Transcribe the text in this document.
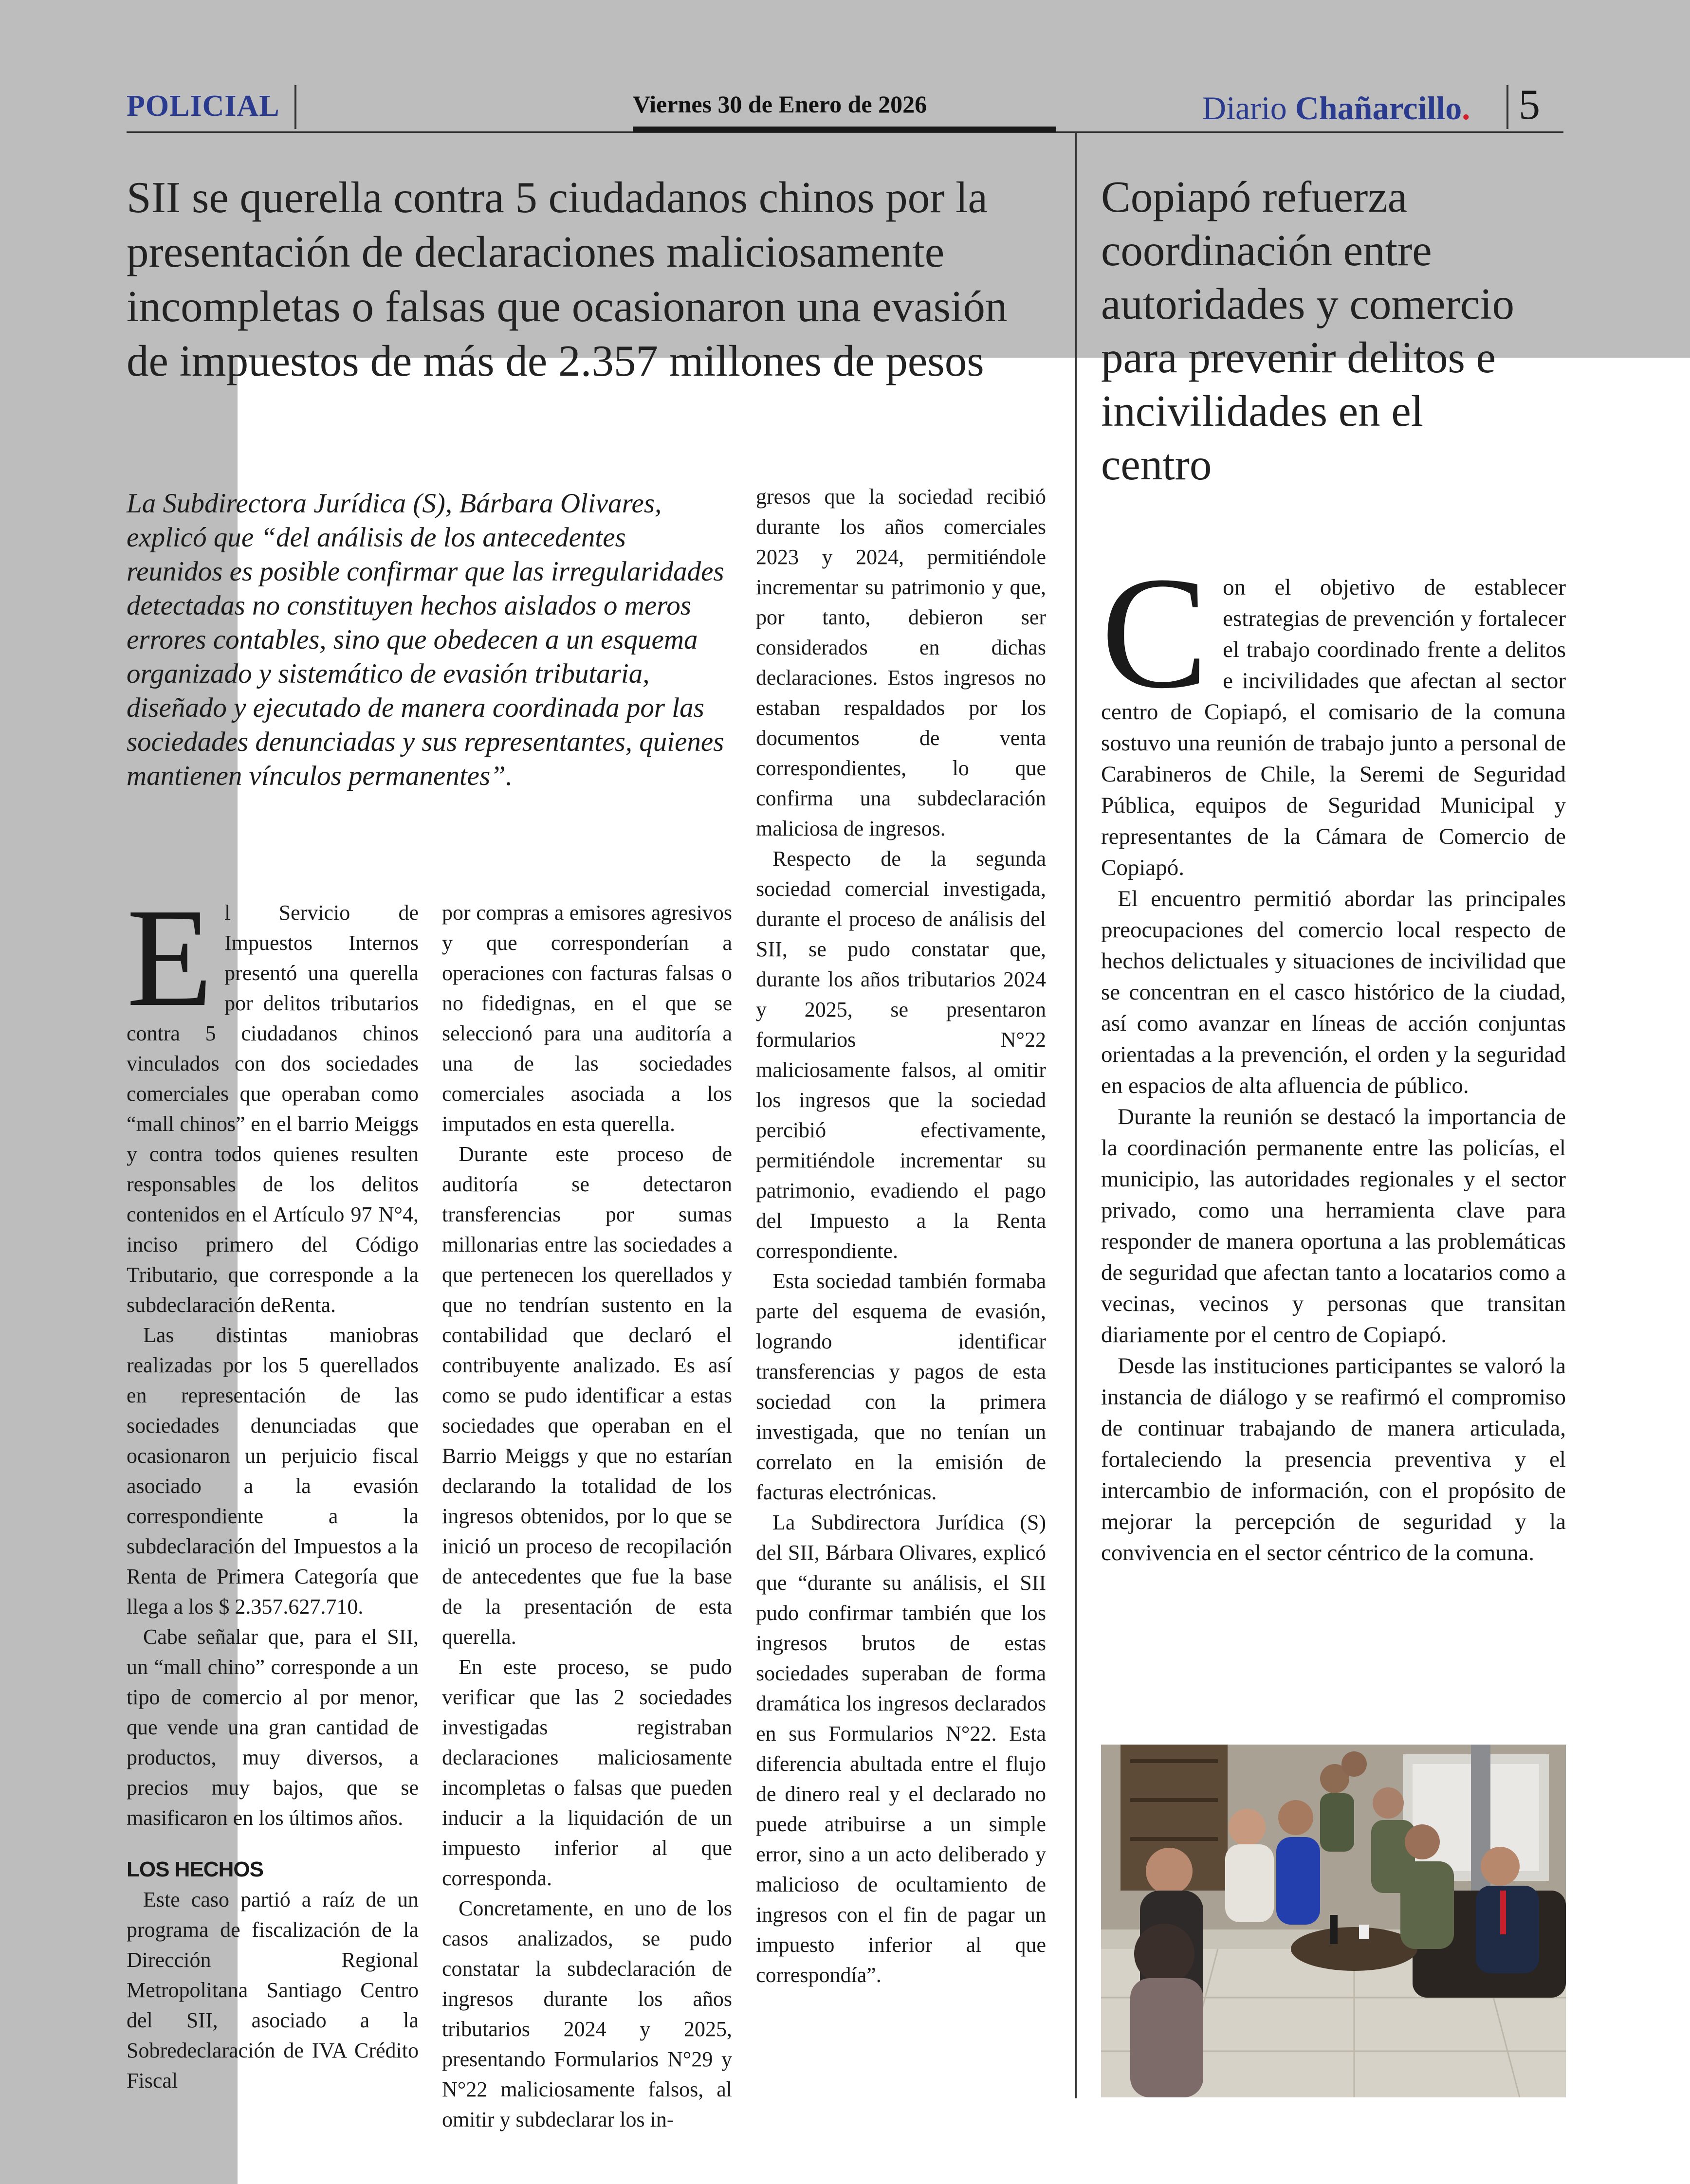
POLICIAL	Viernes 30 de Enero de 2026	Diario Chañarcillo. 5
SII se querella contra 5 ciudadanos chinos por la presentación de declaraciones maliciosamente incompletas o falsas que ocasionaron una evasión de impuestos de más de 2.357 millones de pesos

La Subdirectora Jurídica (S), Bárbara Olivares, explicó que “del análisis de los antecedentes reunidos es posible confirmar que las irregularidades detectadas no constituyen hechos aislados o meros errores contables, sino que obedecen a un esquema organizado y sistemático de evasión tributaria, diseñado y ejecutado de manera coordinada por las sociedades denunciadas y sus representantes, quienes mantienen vínculos permanentes”.

El Servicio de Impuestos Internos presentó una querella por delitos tributarios contra 5 ciudadanos chinos vinculados con dos sociedades comerciales que operaban como “mall chinos” en el barrio Meiggs y contra todos quienes resulten responsables de los delitos contenidos en el Artículo 97 N°4, inciso primero del Código Tributario, que corresponde a la subdeclaración deRenta.

Las distintas maniobras realizadas por los 5 querellados en representación de las sociedades denunciadas que ocasionaron un perjuicio fiscal asociado a la evasión correspondiente a la subdeclaración del Impuestos a la Renta de Primera Categoría que llega a los $ 2.357.627.710.

Cabe señalar que, para el SII, un “mall chino” corresponde a un tipo de comercio al por menor, que vende una gran cantidad de productos, muy diversos, a precios muy bajos, que se masificaron en los últimos años.

LOS HECHOS

Este caso partió a raíz de un programa de fiscalización de la Dirección Regional Metropolitana Santiago Centro del SII, asociado a la Sobredeclaración de IVA Crédito Fiscal

por compras a emisores agresivos y que corresponderían a operaciones con facturas falsas o no fidedignas, en el que se seleccionó para una auditoría a una de las sociedades comerciales asociada a los imputados en esta querella.

Durante este proceso de auditoría se detectaron transferencias por sumas millonarias entre las sociedades a que pertenecen los querellados y que no tendrían sustento en la contabilidad que declaró el contribuyente analizado. Es así como se pudo identificar a estas sociedades que operaban en el Barrio Meiggs y que no estarían declarando la totalidad de los ingresos obtenidos, por lo que se inició un proceso de recopilación de antecedentes que fue la base de la presentación de esta querella.

En este proceso, se pudo verificar que las 2 sociedades investigadas registraban declaraciones maliciosamente incompletas o falsas que pueden inducir a la liquidación de un impuesto inferior al que corresponda.

Concretamente, en uno de los casos analizados, se pudo constatar la subdeclaración de ingresos durante los años tributarios 2024 y 2025, presentando Formularios N°29 y N°22 maliciosamente falsos, al omitir y subdeclarar los in-

gresos que la sociedad recibió durante los años comerciales 2023 y 2024, permitiéndole incrementar su patrimonio y que, por tanto, debieron ser considerados en dichas declaraciones. Estos ingresos no estaban respaldados por los documentos de venta correspondientes, lo que confirma una subdeclaración maliciosa de ingresos.

Respecto de la segunda sociedad comercial investigada, durante el proceso de análisis del SII, se pudo constatar que, durante los años tributarios 2024 y 2025, se presentaron formularios N°22 maliciosamente falsos, al omitir los ingresos que la sociedad percibió efectivamente, permitiéndole incrementar su patrimonio, evadiendo el pago del Impuesto a la Renta correspondiente.

Esta sociedad también formaba parte del esquema de evasión, logrando identificar transferencias y pagos de esta sociedad con la primera investigada, que no tenían un correlato en la emisión de facturas electrónicas.

La Subdirectora Jurídica (S) del SII, Bárbara Olivares, explicó que “durante su análisis, el SII pudo confirmar también que los ingresos brutos de estas sociedades superaban de forma dramática los ingresos declarados en sus Formularios N°22. Esta diferencia abultada entre el flujo de dinero real y el declarado no puede atribuirse a un simple error, sino a un acto deliberado y malicioso de ocultamiento de ingresos con el fin de pagar un impuesto inferior al que correspondía”.

Copiapó refuerza coordinación entre autoridades y comercio para prevenir delitos e incivilidades en el centro

Con el objetivo de establecer estrategias de prevención y fortalecer el trabajo coordinado frente a delitos e incivilidades que afectan al sector centro de Copiapó, el comisario de la comuna sostuvo una reunión de trabajo junto a personal de Carabineros de Chile, la Seremi de Seguridad Pública, equipos de Seguridad Municipal y representantes de la Cámara de Comercio de Copiapó.

El encuentro permitió abordar las principales preocupaciones del comercio local respecto de hechos delictuales y situaciones de incivilidad que se concentran en el casco histórico de la ciudad, así como avanzar en líneas de acción conjuntas orientadas a la prevención, el orden y la seguridad en espacios de alta afluencia de público.

Durante la reunión se destacó la importancia de la coordinación permanente entre las policías, el municipio, las autoridades regionales y el sector privado, como una herramienta clave para responder de manera oportuna a las problemáticas de seguridad que afectan tanto a locatarios como a vecinas, vecinos y personas que transitan diariamente por el centro de Copiapó.

Desde las instituciones participantes se valoró la instancia de diálogo y se reafirmó el compromiso de continuar trabajando de manera articulada, fortaleciendo la presencia preventiva y el intercambio de información, con el propósito de mejorar la percepción de seguridad y la convivencia en el sector céntrico de la comuna.
